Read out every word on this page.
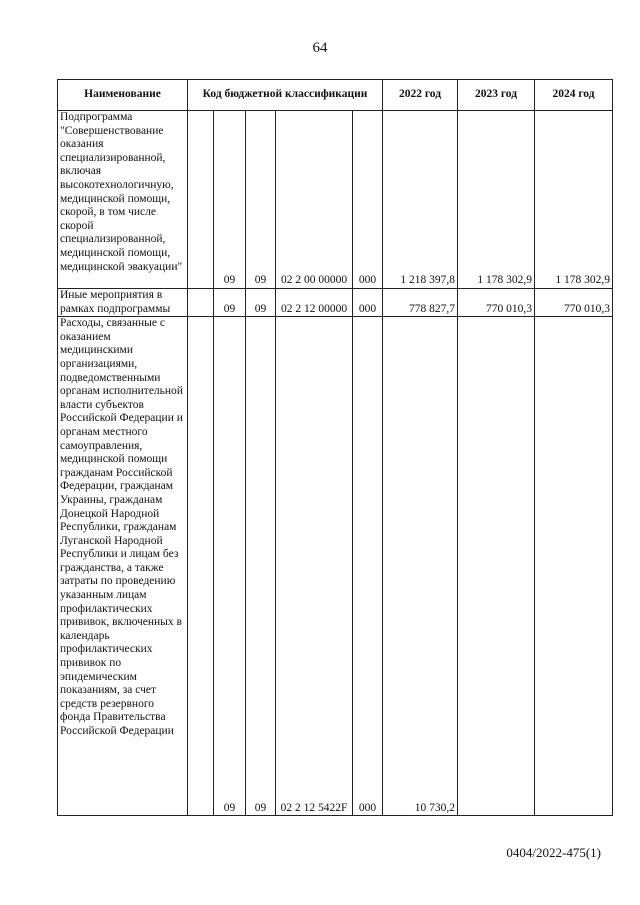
64
Наименование	Код бюджетной классификации					2022 год	2023 год	2024 год
Подпрограмма "Совершенствование оказания специализированной, включая высокотехнологичную, медицинской помощи, скорой, в том числе скорой специализированной, медицинской помощи, медицинской эвакуации"		09	09	02 2 00 00000	000	1 218 397,8	1 178 302,9	1 178 302,9
Иные мероприятия в рамках подпрограммы		09	09	02 2 12 00000	000	778 827,7	770 010,3	770 010,3
Расходы, связанные с оказанием медицинскими организациями, подведомственными органам исполнительной власти субъектов Российской Федерации и органам местного самоуправления, медицинской помощи гражданам Российской Федерации, гражданам Украины, гражданам Донецкой Народной Республики, гражданам Луганской Народной Республики и лицам без гражданства, а также затраты по проведению указанным лицам профилактических прививок, включенных в календарь профилактических прививок по эпидемическим показаниям, за счет средств резервного фонда Правительства Российской Федерации		09	09	02 2 12 5422F	000	10 730,2		
0404/2022-475(1)
